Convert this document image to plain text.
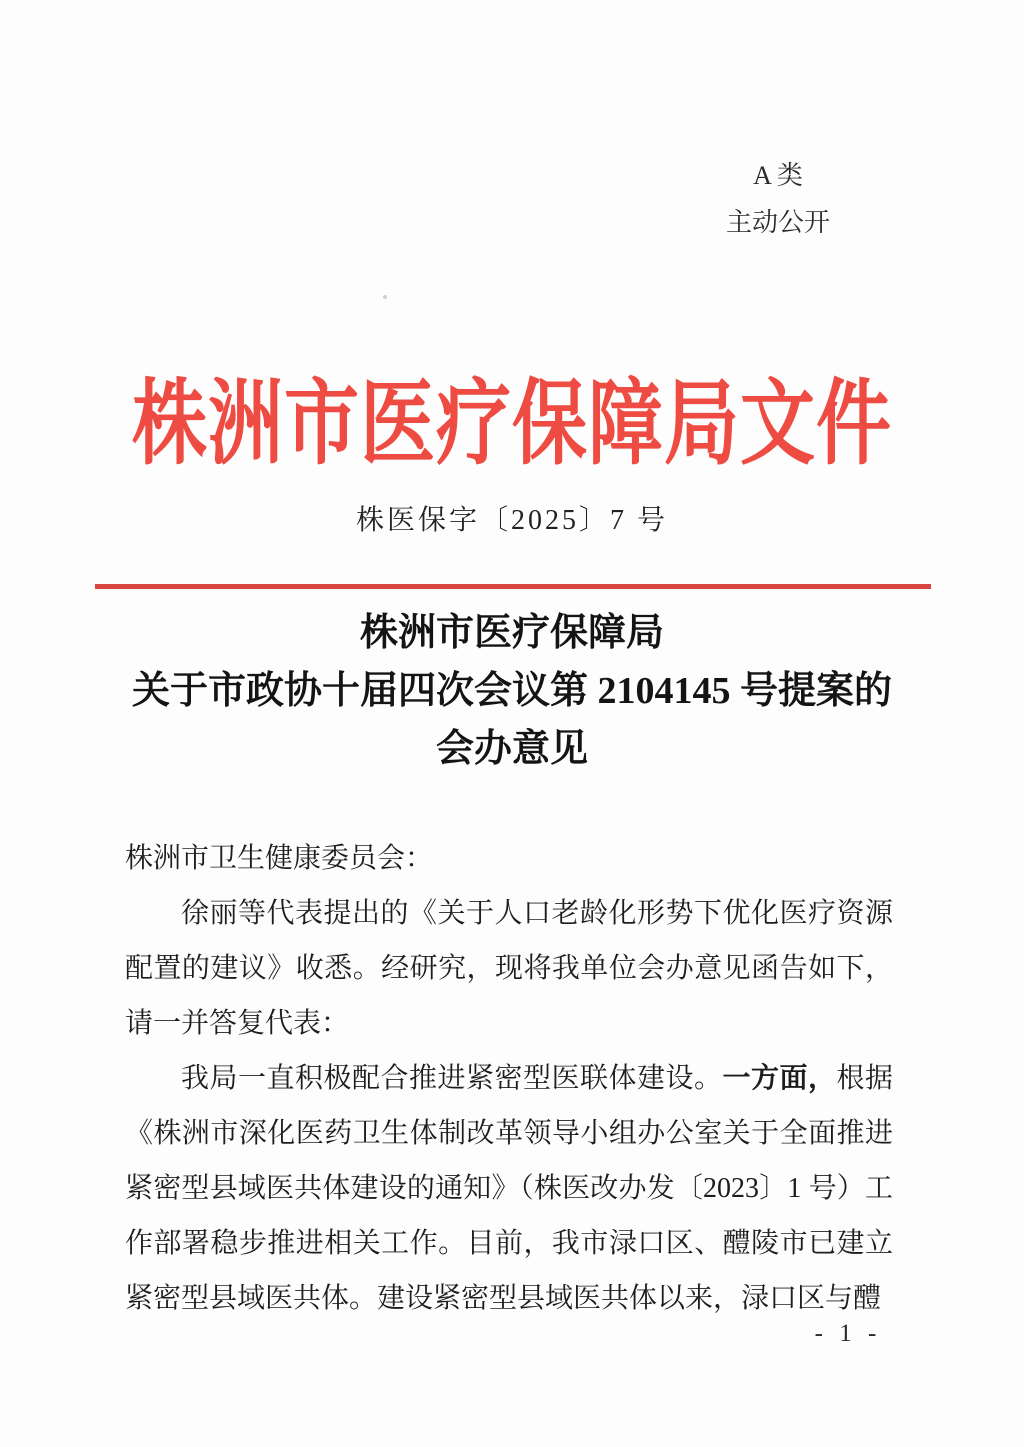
A 类
主动公开
株洲市医疗保障局文件
株医保字〔2025〕7 号

株洲市医疗保障局

关于市政协十届四次会议第 2104145 号提案的

会办意见

株洲市卫生健康委员会：

徐丽等代表提出的《关于人口老龄化形势下优化医疗资源配置的建议》收悉。经研究，现将我单位会办意见函告如下，请一并答复代表：

我局一直积极配合推进紧密型医联体建设。一方面，根据《株洲市深化医药卫生体制改革领导小组办公室关于全面推进紧密型县域医共体建设的通知》（株医改办发〔2023〕1 号）工作部署稳步推进相关工作。目前，我市渌口区、醴陵市已建立紧密型县域医共体。建设紧密型县域医共体以来，渌口区与醴

- 1 -
